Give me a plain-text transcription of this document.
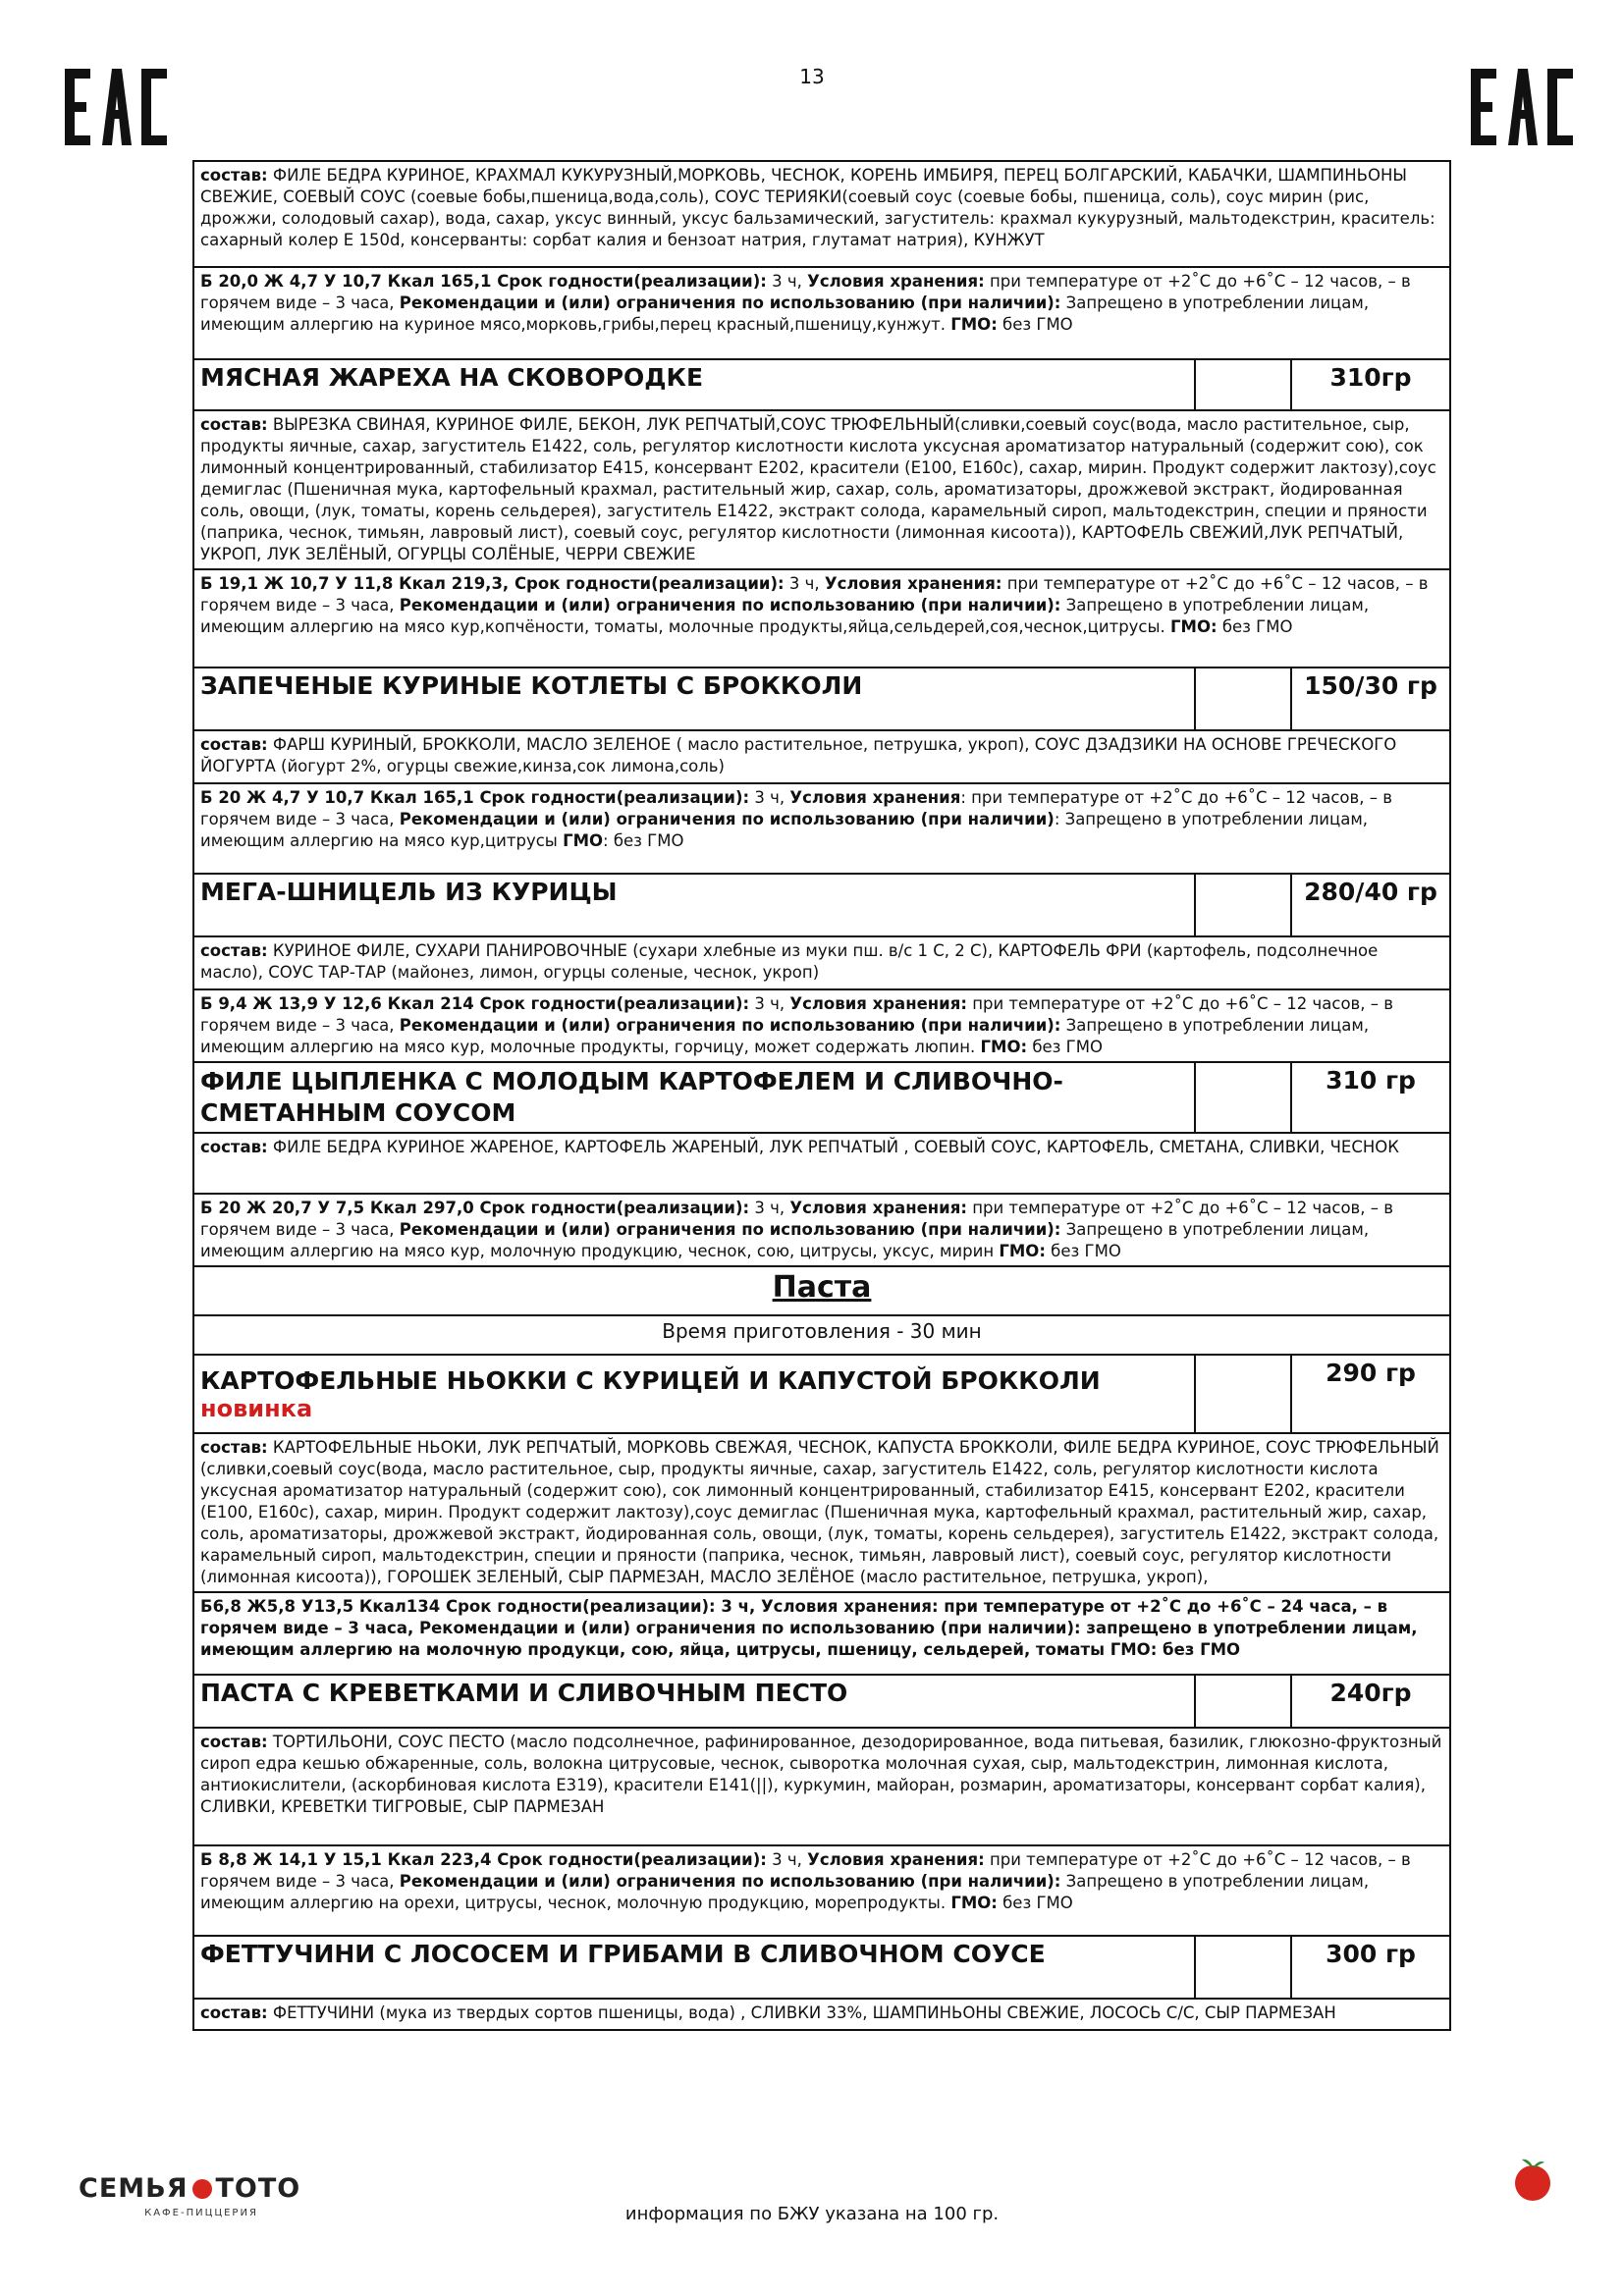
13
состав: ФИЛЕ БЕДРА КУРИНОЕ, КРАХМАЛ КУКУРУЗНЫЙ,МОРКОВЬ, ЧЕСНОК, КОРЕНЬ ИМБИРЯ, ПЕРЕЦ БОЛГАРСКИЙ, КАБАЧКИ, ШАМПИНЬОНЫ СВЕЖИЕ, СОЕВЫЙ СОУС (соевые бобы,пшеница,вода,соль), СОУС ТЕРИЯКИ(соевый соус (соевые бобы, пшеница, соль), соус мирин (рис, дрожжи, солодовый сахар), вода, сахар, уксус винный, уксус бальзамический, загуститель: крахмал кукурузный, мальтодекстрин, краситель: сахарный колер Е 150d, консерванты: сорбат калия и бензоат натрия, глутамат натрия), КУНЖУТ		
Б 20,0 Ж 4,7 У 10,7 Ккал 165,1 Срок годности(реализации): 3 ч, Условия хранения: при температуре от +2˚С до +6˚С – 12 часов, – в горячем виде – 3 часа, Рекомендации и (или) ограничения по использованию (при наличии): Запрещено в употреблении лицам, имеющим аллергию на куриное мясо,морковь,грибы,перец красный,пшеницу,кунжут. ГМО: без ГМО		
МЯСНАЯ ЖАРЕХА НА СКОВОРОДКЕ		310гр
состав: ВЫРЕЗКА СВИНАЯ, КУРИНОЕ ФИЛЕ, БЕКОН, ЛУК РЕПЧАТЫЙ,СОУС ТРЮФЕЛЬНЫЙ(сливки,соевый соус(вода, масло растительное, сыр, продукты яичные, сахар, загуститель Е1422, соль, регулятор кислотности кислота уксусная ароматизатор натуральный (содержит сою), сок лимонный концентрированный, стабилизатор Е415, консервант Е202, красители (Е100, Е160с), сахар, мирин. Продукт содержит лактозу),соус демиглас (Пшеничная мука, картофельный крахмал, растительный жир, сахар, соль, ароматизаторы, дрожжевой экстракт, йодированная соль, овощи, (лук, томаты, корень сельдерея), загуститель Е1422, экстракт солода, карамельный сироп, мальтодекстрин, специи и пряности (паприка, чеснок, тимьян, лавровый лист), соевый соус, регулятор кислотности (лимонная кисоота)), КАРТОФЕЛЬ СВЕЖИЙ,ЛУК РЕПЧАТЫЙ, УКРОП, ЛУК ЗЕЛЁНЫЙ, ОГУРЦЫ СОЛЁНЫЕ, ЧЕРРИ СВЕЖИЕ		
Б 19,1 Ж 10,7 У 11,8 Ккал 219,3, Срок годности(реализации): 3 ч, Условия хранения: при температуре от +2˚С до +6˚С – 12 часов, – в горячем виде – 3 часа, Рекомендации и (или) ограничения по использованию (при наличии): Запрещено в употреблении лицам, имеющим аллергию на мясо кур,копчёности, томаты, молочные продукты,яйца,сельдерей,соя,чеснок,цитрусы. ГМО: без ГМО		
ЗАПЕЧЕНЫЕ КУРИНЫЕ КОТЛЕТЫ С БРОККОЛИ		150/30 гр
состав: ФАРШ КУРИНЫЙ, БРОККОЛИ, МАСЛО ЗЕЛЕНОЕ ( масло растительное, петрушка, укроп), СОУС ДЗАДЗИКИ НА ОСНОВЕ ГРЕЧЕСКОГО ЙОГУРТА (йогурт 2%, огурцы свежие,кинза,сок лимона,соль)		
Б 20 Ж 4,7 У 10,7 Ккал 165,1 Срок годности(реализации): 3 ч, Условия хранения: при температуре от +2˚С до +6˚С – 12 часов, – в горячем виде – 3 часа, Рекомендации и (или) ограничения по использованию (при наличии): Запрещено в употреблении лицам, имеющим аллергию на мясо кур,цитрусы ГМО: без ГМО		
МЕГА-ШНИЦЕЛЬ ИЗ КУРИЦЫ		280/40 гр
состав: КУРИНОЕ ФИЛЕ, СУХАРИ ПАНИРОВОЧНЫЕ (сухари хлебные из муки пш. в/с 1 С, 2 С), КАРТОФЕЛЬ ФРИ (картофель, подсолнечное масло), СОУС ТАР-ТАР (майонез, лимон, огурцы соленые, чеснок, укроп)		
Б 9,4 Ж 13,9 У 12,6 Ккал 214 Срок годности(реализации): 3 ч, Условия хранения: при температуре от +2˚С до +6˚С – 12 часов, – в горячем виде – 3 часа, Рекомендации и (или) ограничения по использованию (при наличии): Запрещено в употреблении лицам, имеющим аллергию на мясо кур, молочные продукты, горчицу, может содержать люпин. ГМО: без ГМО		
ФИЛЕ ЦЫПЛЕНКА С МОЛОДЫМ КАРТОФЕЛЕМ И СЛИВОЧНО-СМЕТАННЫМ СОУСОМ		310 гр
состав: ФИЛЕ БЕДРА КУРИНОЕ ЖАРЕНОЕ, КАРТОФЕЛЬ ЖАРЕНЫЙ, ЛУК РЕПЧАТЫЙ , СОЕВЫЙ СОУС, КАРТОФЕЛЬ, СМЕТАНА, СЛИВКИ, ЧЕСНОК		
Б 20 Ж 20,7 У 7,5 Ккал 297,0 Срок годности(реализации): 3 ч, Условия хранения: при температуре от +2˚С до +6˚С – 12 часов, – в горячем виде – 3 часа, Рекомендации и (или) ограничения по использованию (при наличии): Запрещено в употреблении лицам, имеющим аллергию на мясо кур, молочную продукцию, чеснок, сою, цитрусы, уксус, мирин ГМО: без ГМО		
Паста		
Время приготовления - 30 мин		
КАРТОФЕЛЬНЫЕ НЬОККИ С КУРИЦЕЙ И КАПУСТОЙ БРОККОЛИ
новинка		290 гр
состав: КАРТОФЕЛЬНЫЕ НЬОКИ, ЛУК РЕПЧАТЫЙ, МОРКОВЬ СВЕЖАЯ, ЧЕСНОК, КАПУСТА БРОККОЛИ, ФИЛЕ БЕДРА КУРИНОЕ, СОУС ТРЮФЕЛЬНЫЙ (сливки,соевый соус(вода, масло растительное, сыр, продукты яичные, сахар, загуститель Е1422, соль, регулятор кислотности кислота уксусная ароматизатор натуральный (содержит сою), сок лимонный концентрированный, стабилизатор Е415, консервант Е202, красители (Е100, Е160с), сахар, мирин. Продукт содержит лактозу),соус демиглас (Пшеничная мука, картофельный крахмал, растительный жир, сахар, соль, ароматизаторы, дрожжевой экстракт, йодированная соль, овощи, (лук, томаты, корень сельдерея), загуститель Е1422, экстракт солода, карамельный сироп, мальтодекстрин, специи и пряности (паприка, чеснок, тимьян, лавровый лист), соевый соус, регулятор кислотности (лимонная кисоота)), ГОРОШЕК ЗЕЛЕНЫЙ, СЫР ПАРМЕЗАН, МАСЛО ЗЕЛЁНОЕ (масло растительное, петрушка, укроп),		
Б6,8 Ж5,8 У13,5 Ккал134 Срок годности(реализации): 3 ч, Условия хранения: при температуре от +2˚С до +6˚С – 24 часа, – в горячем виде – 3 часа, Рекомендации и (или) ограничения по использованию (при наличии): запрещено в употреблении лицам, имеющим аллергию на молочную продукци, сою, яйца, цитрусы, пшеницу, сельдерей, томаты ГМО: без ГМО		
ПАСТА С КРЕВЕТКАМИ И СЛИВОЧНЫМ ПЕСТО		240гр
состав: ТОРТИЛЬОНИ, СОУС ПЕСТО (масло подсолнечное, рафинированное, дезодорированное, вода питьевая, базилик, глюкозно-фруктозный сироп едра кешью обжаренные, соль, волокна цитрусовые, чеснок, сыворотка молочная сухая, сыр, мальтодекстрин, лимонная кислота, антиокислители, (аскорбиновая кислота Е319), красители Е141(||), куркумин, майоран, розмарин, ароматизаторы, консервант сорбат калия), СЛИВКИ, КРЕВЕТКИ ТИГРОВЫЕ, СЫР ПАРМЕЗАН		
Б 8,8 Ж 14,1 У 15,1 Ккал 223,4 Срок годности(реализации): 3 ч, Условия хранения: при температуре от +2˚С до +6˚С – 12 часов, – в горячем виде – 3 часа, Рекомендации и (или) ограничения по использованию (при наличии): Запрещено в употреблении лицам, имеющим аллергию на орехи, цитрусы, чеснок, молочную продукцию, морепродукты. ГМО: без ГМО		
ФЕТТУЧИНИ С ЛОСОСЕМ И ГРИБАМИ В СЛИВОЧНОМ СОУСЕ		300 гр
состав: ФЕТТУЧИНИ (мука из твердых сортов пшеницы, вода) , СЛИВКИ 33%, ШАМПИНЬОНЫ СВЕЖИЕ, ЛОСОСЬ С/С, СЫР ПАРМЕЗАН		
СЕМЬЯ ТОТО
КАФЕ-ПИЦЦЕРИЯ	информация по БЖУ указана на 100 гр.
